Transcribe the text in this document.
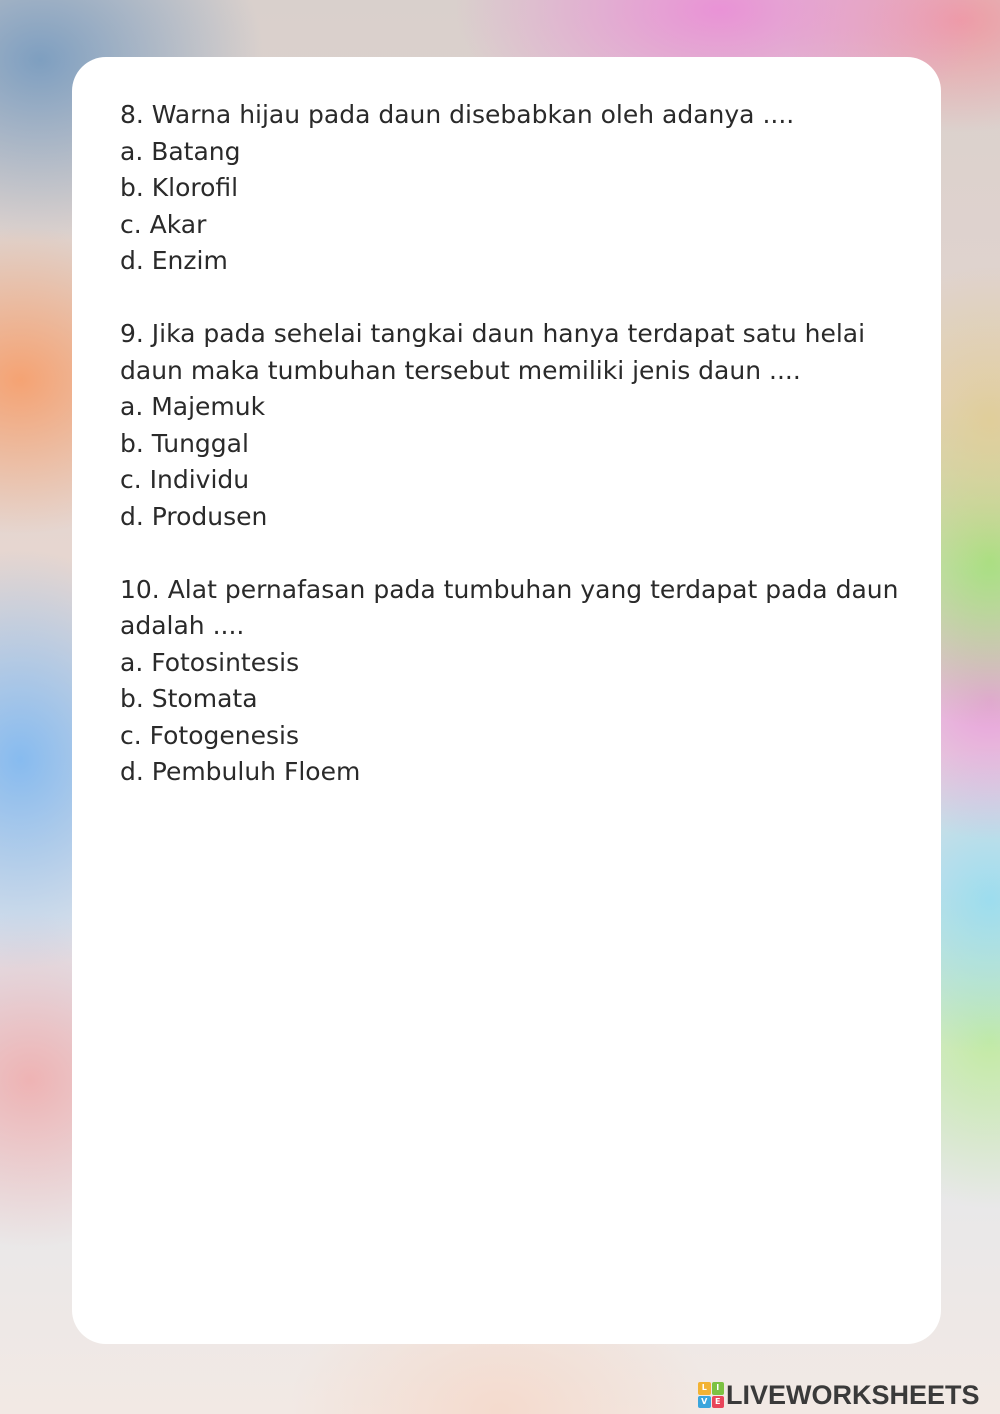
8. Warna hijau pada daun disebabkan oleh adanya ....
a. Batang
b. Klorofil
c. Akar
d. Enzim
9. Jika pada sehelai tangkai daun hanya terdapat satu helai daun maka tumbuhan tersebut memiliki jenis daun ....
a. Majemuk
b. Tunggal
c. Individu
d. Produsen
10. Alat pernafasan pada tumbuhan yang terdapat pada daun adalah ....
a. Fotosintesis
b. Stomata
c. Fotogenesis
d. Pembuluh Floem
L	I
V E LIVEWORKSHEETS
